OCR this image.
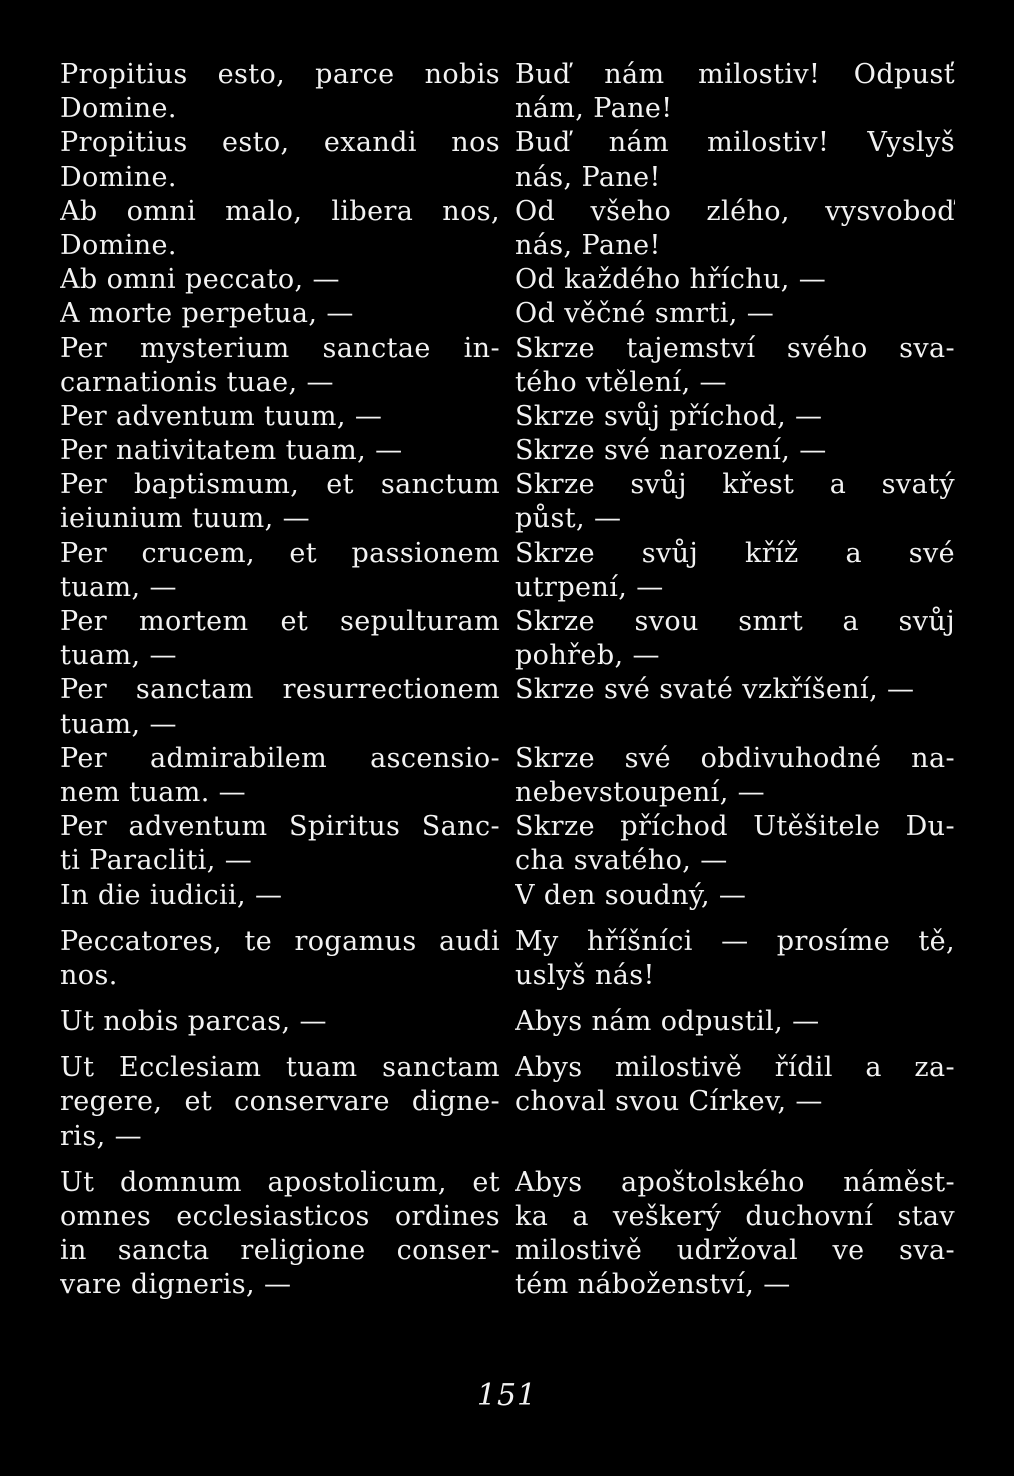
Propitius esto, parce nobis
Domine.
Propitius esto, exandi nos
Domine.
Ab omni malo, libera nos,
Domine.
Ab omni peccato, —
A morte perpetua, —
Per mysterium sanctae in-
carnationis tuae, —
Per adventum tuum, —
Per nativitatem tuam, —
Per baptismum, et sanctum
ieiunium tuum, —
Per crucem, et passionem
tuam, —
Per mortem et sepulturam
tuam, —
Per sanctam resurrectionem
tuam, —
Per admirabilem ascensio-
nem tuam. —
Per adventum Spiritus Sanc-
ti Paracliti, —
In die iudicii, —
Peccatores, te rogamus audi
nos.
Ut nobis parcas, —
Ut Ecclesiam tuam sanctam
regere, et conservare digne-
ris, —
Ut domnum apostolicum, et
omnes ecclesiasticos ordines
in sancta religione conser-
vare digneris, —
Buď nám milostiv! Odpusť
nám, Pane!
Buď nám milostiv! Vyslyš
nás, Pane!
Od všeho zlého, vysvoboď
nás, Pane!
Od každého hříchu, —
Od věčné smrti, —
Skrze tajemství svého sva-
tého vtělení, —
Skrze svůj příchod, —
Skrze své narození, —
Skrze svůj křest a svatý
půst, —
Skrze svůj kříž a své
utrpení, —
Skrze svou smrt a svůj
pohřeb, —
Skrze své svaté vzkříšení, —
Skrze své obdivuhodné na-
nebevstoupení, —
Skrze příchod Utěšitele Du-
cha svatého, —
V den soudný, —
My hříšníci — prosíme tě,
uslyš nás!
Abys nám odpustil, —
Abys milostivě řídil a za-
choval svou Církev, —
Abys apoštolského náměst-
ka a veškerý duchovní stav
milostivě udržoval ve sva-
tém náboženství, —
151
